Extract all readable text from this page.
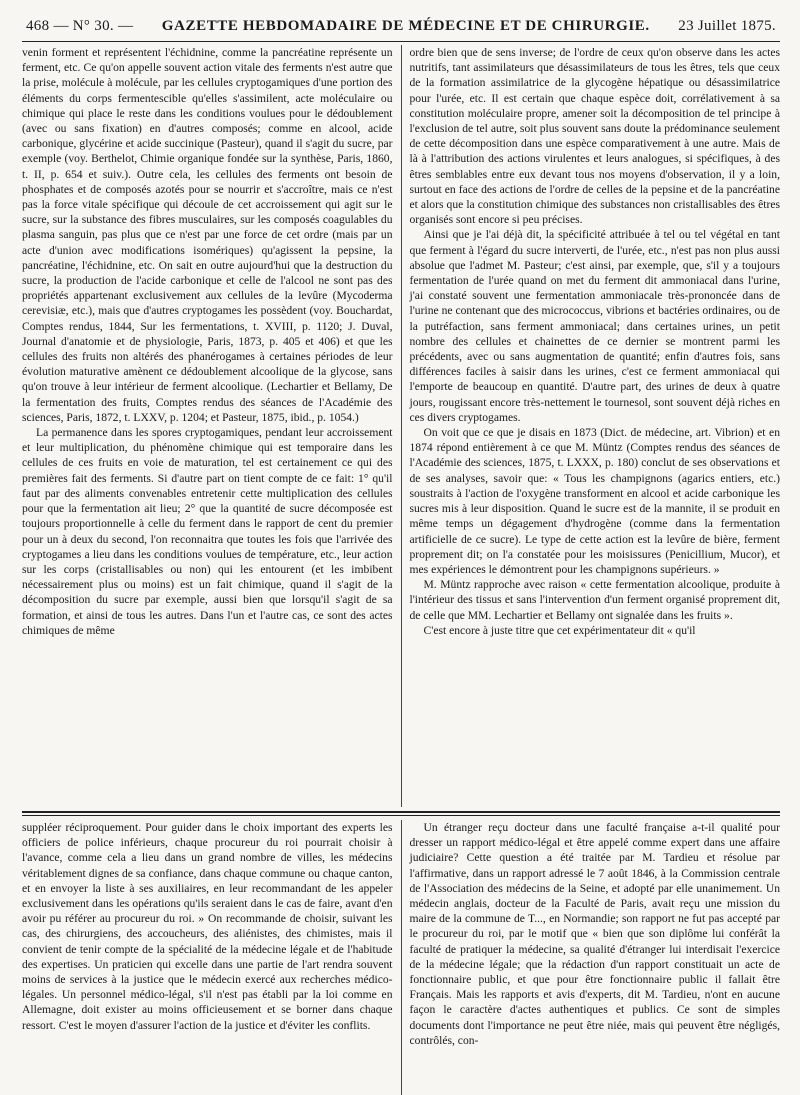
468 — N° 30. — GAZETTE HEBDOMADAIRE DE MÉDECINE ET DE CHIRURGIE. 23 Juillet 1875.

venin forment et représentent l'échidnine, comme la pancréatine représente un ferment, etc. Ce qu'on appelle souvent action vitale des ferments n'est autre que la prise, molécule à molécule, par les cellules cryptogamiques d'une portion des éléments du corps fermentescible qu'elles s'assimilent, acte moléculaire ou chimique qui place le reste dans les conditions voulues pour le dédoublement (avec ou sans fixation) en d'autres composés; comme en alcool, acide carbonique, glycérine et acide succinique (Pasteur), quand il s'agit du sucre, par exemple (voy. Berthelot, Chimie organique fondée sur la synthèse, Paris, 1860, t. II, p. 654 et suiv.). Outre cela, les cellules des ferments ont besoin de phosphates et de composés azotés pour se nourrir et s'accroître, mais ce n'est pas la force vitale spécifique qui découle de cet accroissement qui agit sur le sucre, sur la substance des fibres musculaires, sur les composés coagulables du plasma sanguin, pas plus que ce n'est par une force de cet ordre (mais par un acte d'union avec modifications isomériques) qu'agissent la pepsine, la pancréatine, l'échidnine, etc. On sait en outre aujourd'hui que la destruction du sucre, la production de l'acide carbonique et celle de l'alcool ne sont pas des propriétés appartenant exclusivement aux cellules de la levûre (Mycoderma cerevisiæ, etc.), mais que d'autres cryptogames les possèdent (voy. Bouchardat, Comptes rendus, 1844, Sur les fermentations, t. XVIII, p. 1120; J. Duval, Journal d'anatomie et de physiologie, Paris, 1873, p. 405 et 406) et que les cellules des fruits non altérés des phanérogames à certaines périodes de leur évolution maturative amènent ce dédoublement alcoolique de la glycose, sans qu'on trouve à leur intérieur de ferment alcoolique. (Lechartier et Bellamy, De la fermentation des fruits, Comptes rendus des séances de l'Académie des sciences, Paris, 1872, t. LXXV, p. 1204; et Pasteur, 1875, ibid., p. 1054.)

La permanence dans les spores cryptogamiques, pendant leur accroissement et leur multiplication, du phénomène chimique qui est temporaire dans les cellules de ces fruits en voie de maturation, tel est certainement ce qui des premières fait des ferments. Si d'autre part on tient compte de ce fait: 1° qu'il faut par des aliments convenables entretenir cette multiplication des cellules pour que la fermentation ait lieu; 2° que la quantité de sucre décomposée est toujours proportionnelle à celle du ferment dans le rapport de cent du premier pour un à deux du second, l'on reconnaitra que toutes les fois que l'arrivée des cryptogames a lieu dans les conditions voulues de température, etc., leur action sur les corps (cristallisables ou non) qui les entourent (et les imbibent nécessairement plus ou moins) est un fait chimique, quand il s'agit de la décomposition du sucre par exemple, aussi bien que lorsqu'il s'agit de sa formation, et ainsi de tous les autres. Dans l'un et l'autre cas, ce sont des actes chimiques de même

ordre bien que de sens inverse; de l'ordre de ceux qu'on observe dans les actes nutritifs, tant assimilateurs que désassimilateurs de tous les êtres, tels que ceux de la formation assimilatrice de la glycogène hépatique ou désassimilatrice pour l'urée, etc. Il est certain que chaque espèce doit, corrélativement à sa constitution moléculaire propre, amener soit la décomposition de tel principe à l'exclusion de tel autre, soit plus souvent sans doute la prédominance seulement de cette décomposition dans une espèce comparativement à une autre. Mais de là à l'attribution des actions virulentes et leurs analogues, si spécifiques, à des êtres semblables entre eux devant tous nos moyens d'observation, il y a loin, surtout en face des actions de l'ordre de celles de la pepsine et de la pancréatine et alors que la constitution chimique des substances non cristallisables des êtres organisés sont encore si peu précises.

Ainsi que je l'ai déjà dit, la spécificité attribuée à tel ou tel végétal en tant que ferment à l'égard du sucre interverti, de l'urée, etc., n'est pas non plus aussi absolue que l'admet M. Pasteur; c'est ainsi, par exemple, que, s'il y a toujours fermentation de l'urée quand on met du ferment dit ammoniacal dans l'urine, j'ai constaté souvent une fermentation ammoniacale très-prononcée dans de l'urine ne contenant que des micrococcus, vibrions et bactéries ordinaires, ou de la putréfaction, sans ferment ammoniacal; dans certaines urines, un petit nombre des cellules et chainettes de ce dernier se montrent parmi les précédents, avec ou sans augmentation de quantité; enfin d'autres fois, sans différences faciles à saisir dans les urines, c'est ce ferment ammoniacal qui l'emporte de beaucoup en quantité. D'autre part, des urines de deux à quatre jours, rougissant encore très-nettement le tournesol, sont souvent déjà riches en ces divers cryptogames.

On voit que ce que je disais en 1873 (Dict. de médecine, art. Vibrion) et en 1874 répond entièrement à ce que M. Müntz (Comptes rendus des séances de l'Académie des sciences, 1875, t. LXXX, p. 180) conclut de ses observations et de ses analyses, savoir que: « Tous les champignons (agarics entiers, etc.) soustraits à l'action de l'oxygène transforment en alcool et acide carbonique les sucres mis à leur disposition. Quand le sucre est de la mannite, il se produit en même temps un dégagement d'hydrogène (comme dans la fermentation artificielle de ce sucre). Le type de cette action est la levûre de bière, ferment proprement dit; on l'a constatée pour les moisissures (Penicillium, Mucor), et mes expériences le démontrent pour les champignons supérieurs. »

M. Müntz rapproche avec raison « cette fermentation alcoolique, produite à l'intérieur des tissus et sans l'intervention d'un ferment organisé proprement dit, de celle que MM. Lechartier et Bellamy ont signalée dans les fruits ».

C'est encore à juste titre que cet expérimentateur dit « qu'il

suppléer réciproquement. Pour guider dans le choix important des experts les officiers de police inférieurs, chaque procureur du roi pourrait choisir à l'avance, comme cela a lieu dans un grand nombre de villes, les médecins véritablement dignes de sa confiance, dans chaque commune ou chaque canton, et en envoyer la liste à ses auxiliaires, en leur recommandant de les appeler exclusivement dans les opérations qu'ils seraient dans le cas de faire, avant d'en avoir pu référer au procureur du roi. » On recommande de choisir, suivant les cas, des chirurgiens, des accoucheurs, des aliénistes, des chimistes, mais il convient de tenir compte de la spécialité de la médecine légale et de l'habitude des expertises. Un praticien qui excelle dans une partie de l'art rendra souvent moins de services à la justice que le médecin exercé aux recherches médico-légales. Un personnel médico-légal, s'il n'est pas établi par la loi comme en Allemagne, doit exister au moins officieusement et se borner dans chaque ressort. C'est le moyen d'assurer l'action de la justice et d'éviter les conflits.

Un étranger reçu docteur dans une faculté française a-t-il qualité pour dresser un rapport médico-légal et être appelé comme expert dans une affaire judiciaire? Cette question a été traitée par M. Tardieu et résolue par l'affirmative, dans un rapport adressé le 7 août 1846, à la Commission centrale de l'Association des médecins de la Seine, et adopté par elle unanimement. Un médecin anglais, docteur de la Faculté de Paris, avait reçu une mission du maire de la commune de T..., en Normandie; son rapport ne fut pas accepté par le procureur du roi, par le motif que « bien que son diplôme lui conférât la faculté de pratiquer la médecine, sa qualité d'étranger lui interdisait l'exercice de la médecine légale; que la rédaction d'un rapport constituait un acte de fonctionnaire public, et que pour être fonctionnaire public il fallait être Français. Mais les rapports et avis d'experts, dit M. Tardieu, n'ont en aucune façon le caractère d'actes authentiques et publics. Ce sont de simples documents dont l'importance ne peut être niée, mais qui peuvent être négligés, contrôlés, con-
